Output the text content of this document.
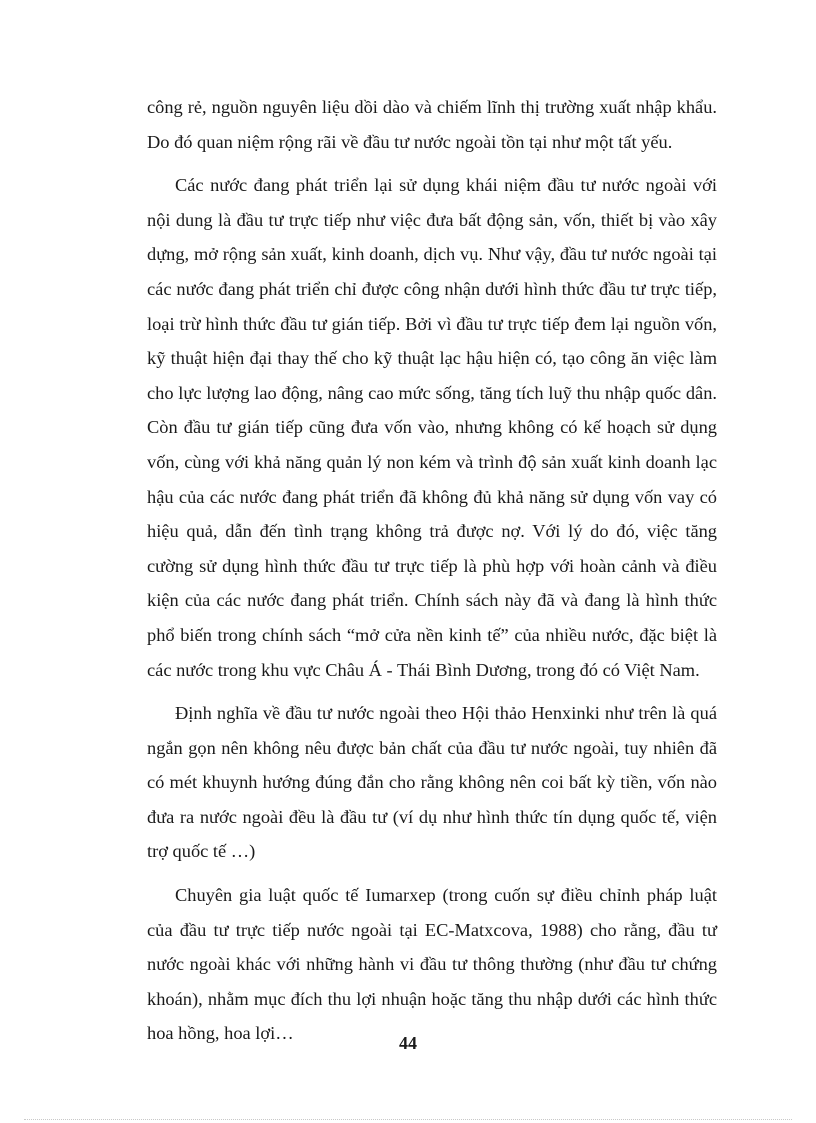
công rẻ, nguồn nguyên liệu dồi dào và chiếm lĩnh thị trường xuất nhập khẩu. Do đó quan niệm rộng rãi về đầu tư nước ngoài tồn tại như một tất yếu.

Các nước đang phát triển lại sử dụng khái niệm đầu tư nước ngoài với nội dung là đầu tư trực tiếp như việc đưa bất động sản, vốn, thiết bị vào xây dựng, mở rộng sản xuất, kinh doanh, dịch vụ. Như vậy, đầu tư nước ngoài tại các nước đang phát triển chỉ được công nhận dưới hình thức đầu tư trực tiếp, loại trừ hình thức đầu tư gián tiếp. Bởi vì đầu tư trực tiếp đem lại nguồn vốn, kỹ thuật hiện đại thay thế cho kỹ thuật lạc hậu hiện có, tạo công ăn việc làm cho lực lượng lao động, nâng cao mức sống, tăng tích luỹ thu nhập quốc dân. Còn đầu tư gián tiếp cũng đưa vốn vào, nhưng không có kế hoạch sử dụng vốn, cùng với khả năng quản lý non kém và trình độ sản xuất kinh doanh lạc hậu của các nước đang phát triển đã không đủ khả năng sử dụng vốn vay có hiệu quả, dẫn đến tình trạng không trả được nợ. Với lý do đó, việc tăng cường sử dụng hình thức đầu tư trực tiếp là phù hợp với hoàn cảnh và điều kiện của các nước đang phát triển. Chính sách này đã và đang là hình thức phổ biến trong chính sách “mở cửa nền kinh tế” của nhiều nước, đặc biệt là các nước trong khu vực Châu Á - Thái Bình Dương, trong đó có Việt Nam.

Định nghĩa về đầu tư nước ngoài theo Hội thảo Henxinki như trên là quá ngắn gọn nên không nêu được bản chất của đầu tư nước ngoài, tuy nhiên đã có mét khuynh hướng đúng đắn cho rằng không nên coi bất kỳ tiền, vốn nào đưa ra nước ngoài đều là đầu tư (ví dụ như hình thức tín dụng quốc tế, viện trợ quốc tế …)

Chuyên gia luật quốc tế Iumarxep (trong cuốn sự điều chỉnh pháp luật của đầu tư trực tiếp nước ngoài tại EC-Matxcova, 1988) cho rằng, đầu tư nước ngoài khác với những hành vi đầu tư thông thường (như đầu tư chứng khoán), nhằm mục đích thu lợi nhuận hoặc tăng thu nhập dưới các hình thức hoa hồng, hoa lợi…	44
